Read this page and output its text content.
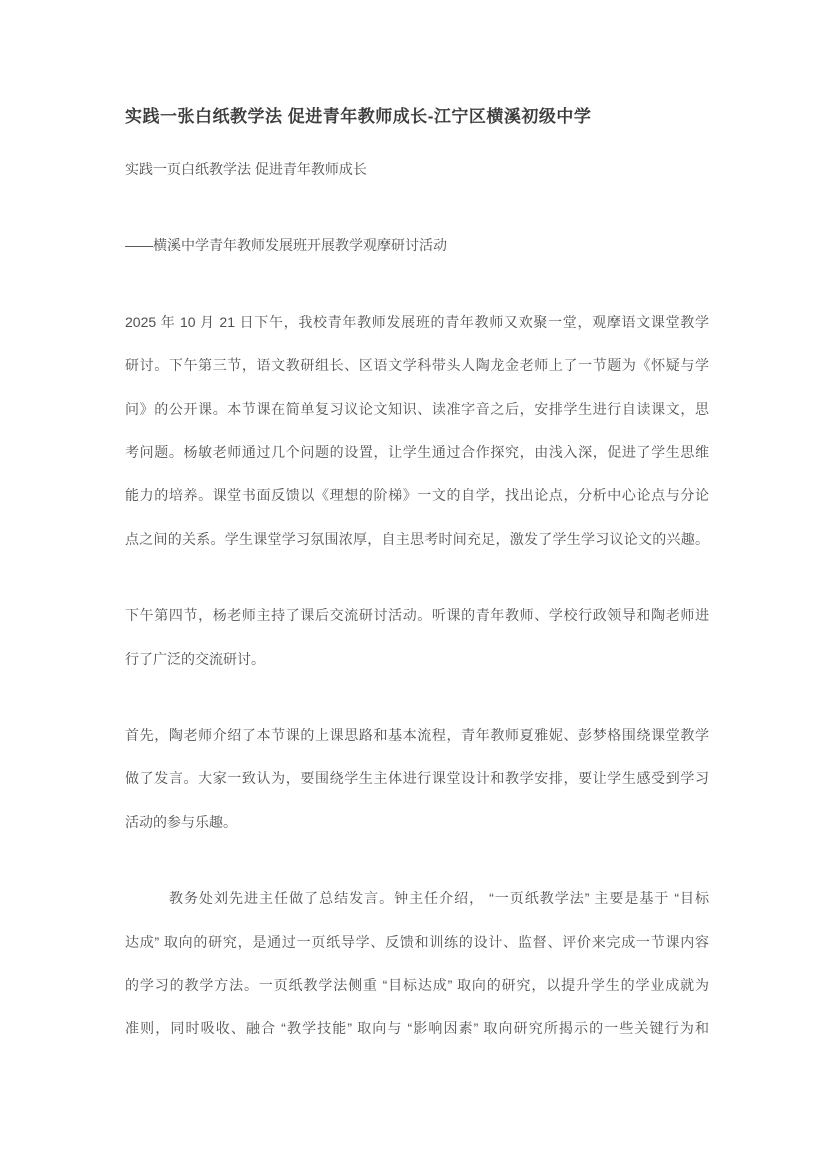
实践一张白纸教学法 促进青年教师成长-江宁区横溪初级中学
实践一页白纸教学法 促进青年教师成长
——横溪中学青年教师发展班开展教学观摩研讨活动
2025 年 10 月 21 日下午，我校青年教师发展班的青年教师又欢聚一堂，观摩语文课堂教学
研讨。下午第三节，语文教研组长、区语文学科带头人陶龙金老师上了一节题为《怀疑与学
问》的公开课。本节课在简单复习议论文知识、读准字音之后，安排学生进行自读课文，思
考问题。杨敏老师通过几个问题的设置，让学生通过合作探究，由浅入深，促进了学生思维
能力的培养。课堂书面反馈以《理想的阶梯》一文的自学，找出论点，分析中心论点与分论
点之间的关系。学生课堂学习氛围浓厚，自主思考时间充足，激发了学生学习议论文的兴趣。
下午第四节，杨老师主持了课后交流研讨活动。听课的青年教师、学校行政领导和陶老师进
行了广泛的交流研讨。
首先，陶老师介绍了本节课的上课思路和基本流程，青年教师夏雅妮、彭梦格围绕课堂教学
做了发言。大家一致认为，要围绕学生主体进行课堂设计和教学安排，要让学生感受到学习
活动的参与乐趣。
教务处刘先进主任做了总结发言。钟主任介绍， “一页纸教学法” 主要是基于 “目标
达成” 取向的研究，是通过一页纸导学、反馈和训练的设计、监督、评价来完成一节课内容
的学习的教学方法。一页纸教学法侧重 “目标达成” 取向的研究，以提升学生的学业成就为
准则，同时吸收、融合 “教学技能” 取向与 “影响因素” 取向研究所揭示的一些关键行为和
